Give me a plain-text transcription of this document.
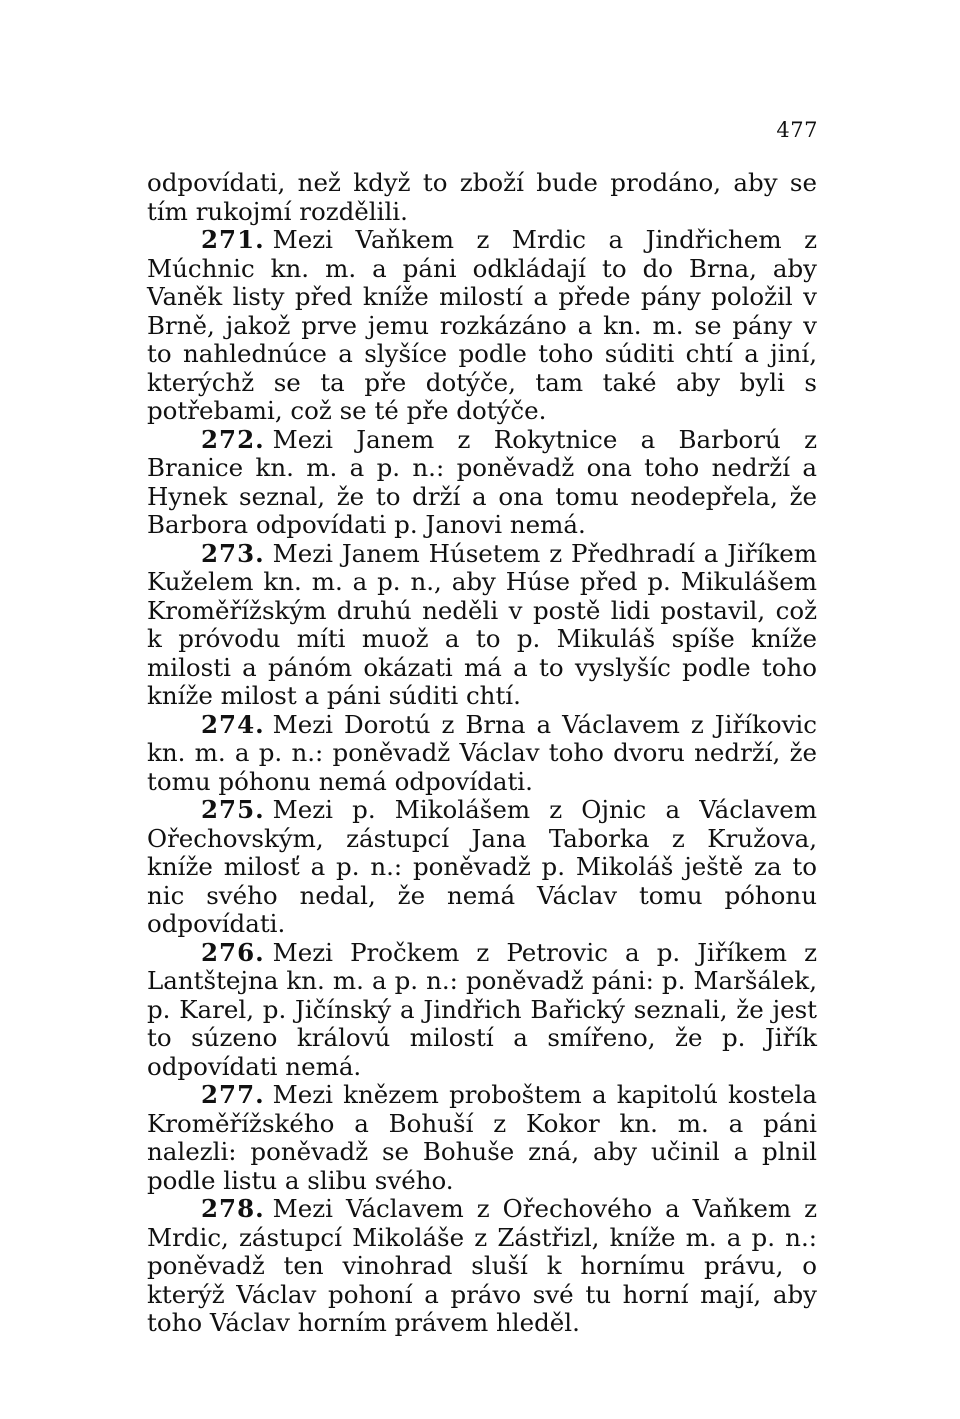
477

odpovídati, než když to zboží bude prodáno, aby se tím rukojmí rozdělili.

271. Mezi Vaňkem z Mrdic a Jindřichem z Múchnic kn. m. a páni odkládají to do Brna, aby Vaněk listy před kníže milostí a přede pány položil v Brně, jakož prve jemu rozkázáno a kn. m. se pány v to nahlednúce a slyšíce podle toho súditi chtí a jiní, kterýchž se ta pře dotýče, tam také aby byli s potřebami, což se té pře dotýče.

272. Mezi Janem z Rokytnice a Barború z Branice kn. m. a p. n.: poněvadž ona toho nedrží a Hynek seznal, že to drží a ona tomu neodepřela, že Barbora odpovídati p. Janovi nemá.

273. Mezi Janem Húsetem z Předhradí a Jiříkem Kuželem kn. m. a p. n., aby Húse před p. Mikulášem Kroměřížským druhú neděli v postě lidi postavil, což k próvodu míti muož a to p. Mikuláš spíše kníže milosti a pánóm okázati má a to vyslyšíc podle toho kníže milost a páni súditi chtí.

274. Mezi Dorotú z Brna a Václavem z Jiříkovic kn. m. a p. n.: poněvadž Václav toho dvoru nedrží, že tomu póhonu nemá odpovídati.

275. Mezi p. Mikolášem z Ojnic a Václavem Ořechovským, zástupcí Jana Taborka z Kružova, kníže milosť a p. n.: poněvadž p. Mikoláš ještě za to nic svého nedal, že nemá Václav tomu póhonu odpovídati.

276. Mezi Pročkem z Petrovic a p. Jiříkem z Lantštejna kn. m. a p. n.: poněvadž páni: p. Maršálek, p. Karel, p. Jičínský a Jindřich Bařický seznali, že jest to súzeno královú milostí a smířeno, že p. Jiřík odpovídati nemá.

277. Mezi knězem proboštem a kapitolú kostela Kroměřížského a Bohuší z Kokor kn. m. a páni nalezli: poněvadž se Bohuše zná, aby učinil a plnil podle listu a slibu svého.

278. Mezi Václavem z Ořechového a Vaňkem z Mrdic, zástupcí Mikoláše z Zástřizl, kníže m. a p. n.: poněvadž ten vinohrad sluší k hornímu právu, o kterýž Václav pohoní a právo své tu horní mají, aby toho Václav horním právem hleděl.
